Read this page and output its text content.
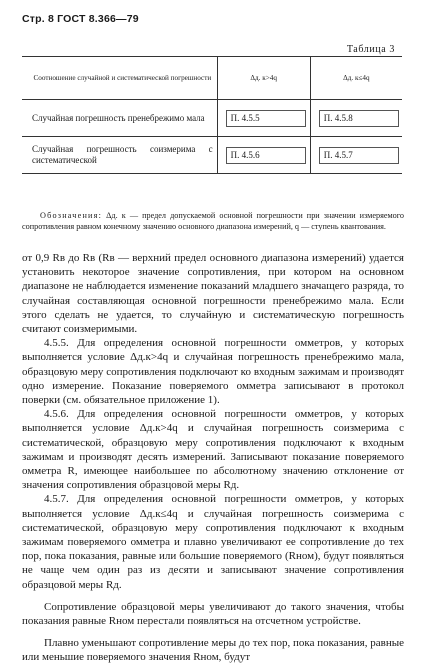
Стр. 8 ГОСТ 8.366—79
Таблица 3
Соотношение случайной и систематической погрешности	Δд. к>4q	Δд. к≤4q
Случайная погрешность пренебрежимо мала	П. 4.5.5	П. 4.5.8
Случайная погрешность соизмерима с систематической	П. 4.5.6	П. 4.5.7
Обозначения: Δд. к — предел допускаемой основной погрешности при значении измеряемого сопротивления равном конечному значению основного диапазона измерений, q — ступень квантования.

от 0,9 Rв до Rв (Rв — верхний предел основного диапазона измерений) удается установить некоторое значение сопротивления, при котором на основном диапазоне не наблюдается изменение показаний младшего значащего разряда, то случайная составляющая основной погрешности пренебрежимо мала. Если этого сделать не удается, то случайную и систематическую погрешность считают соизмеримыми.

4.5.5. Для определения основной погрешности омметров, у которых выполняется условие Δд.к>4q и случайная погрешность пренебрежимо мала, образцовую меру сопротивления подключают ко входным зажимам и производят одно измерение. Показание поверяемого омметра записывают в протокол поверки (см. обязательное приложение 1).

4.5.6. Для определения основной погрешности омметров, у которых выполняется условие Δд.к>4q и случайная погрешность соизмерима с систематической, образцовую меру сопротивления подключают к входным зажимам и производят десять измерений. Записывают показание поверяемого омметра R, имеющее наибольшее по абсолютному значению отклонение от значения сопротивления образцовой меры Rд.

4.5.7. Для определения основной погрешности омметров, у которых выполняется условие Δд.к≤4q и случайная погрешность соизмерима с систематической, образцовую меру сопротивления подключают к входным зажимам поверяемого омметра и плавно увеличивают ее сопротивление до тех пор, пока показания, равные или большие поверяемого (Rном), будут появляться не чаще чем один раз из десяти и записывают значение сопротивления образцовой меры Rд.

Сопротивление образцовой меры увеличивают до такого значения, чтобы показания равные Rном перестали появляться на отсчетном устройстве.

Плавно уменьшают сопротивление меры до тех пор, пока показания, равные или меньшие поверяемого значения Rном, будут
